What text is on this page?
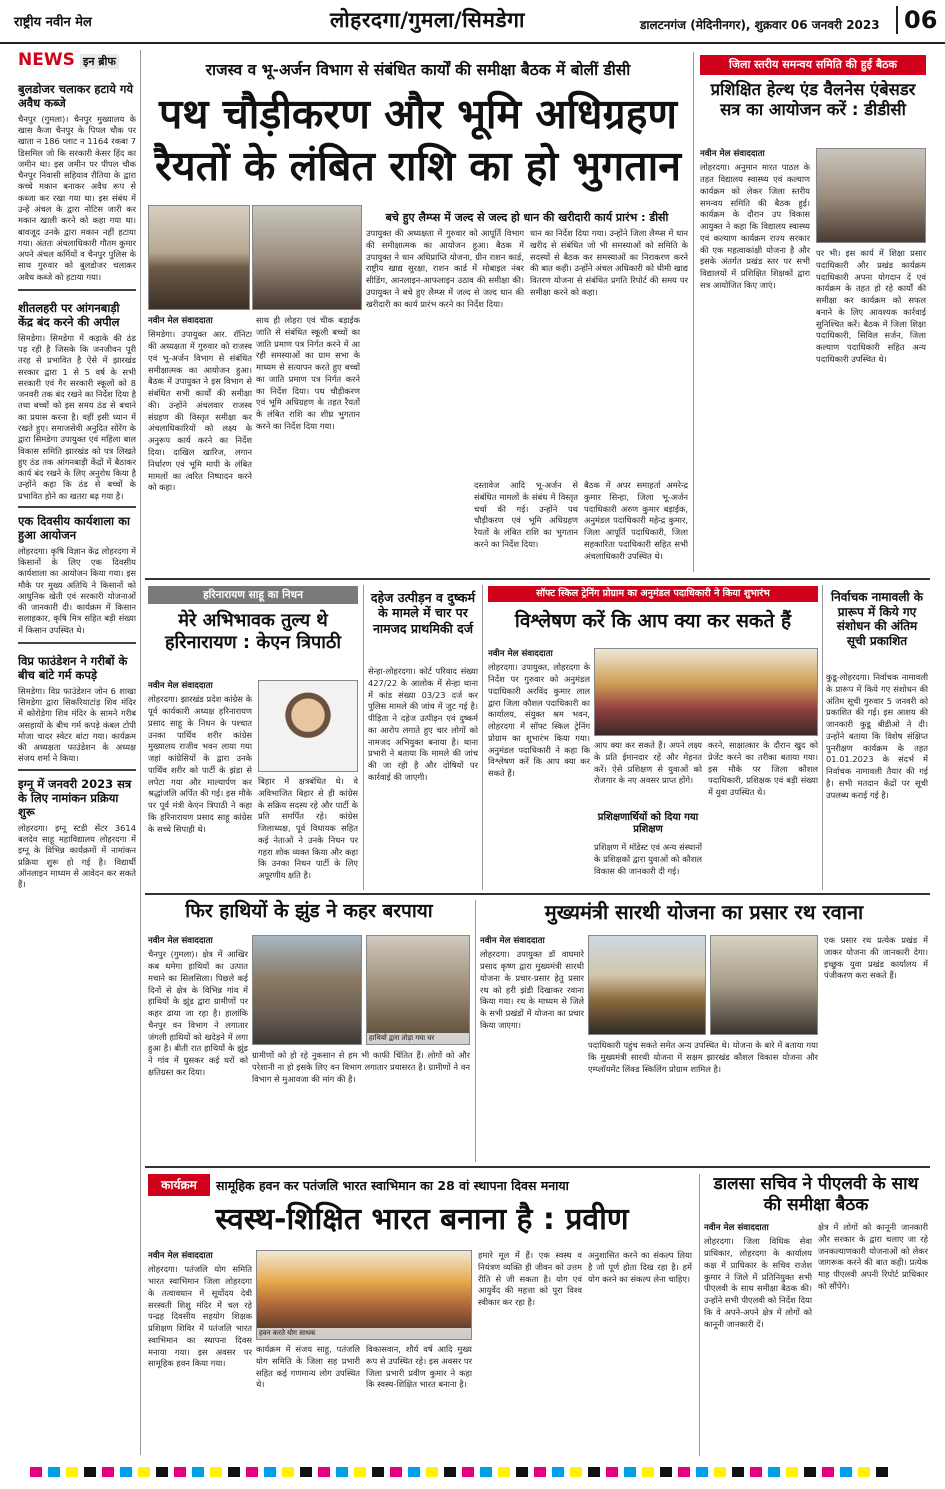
राष्ट्रीय नवीन मेल	लोहरदगा/गुमला/सिमडेगा	डालटनगंज (मेदिनीनगर), शुक्रवार 06 जनवरी 2023	06
NEWS इन ब्रीफ
बुलडोजर चलाकर हटाये गये अवैध कब्जे
चैनपुर (गुमला)। चैनपुर मुख्यालय के खास कैजा चैनपुर के पिपल चौक पर खाता न 186 प्लाट न 1164 रकबा 7 डिसमिल जो कि सरकारी केसर हिंद का जमीन था। इस जमीन पर पीपल चौक चैनपुर निवासी सहियाव रौतिया के द्वारा कच्चे मकान बनाकर अवैध रूप से कब्जा कर रखा गया था। इस संबंध में उन्हें अंचल के द्वारा नोटिस जारी कर मकान खाली करने को कहा गया था। बावजूद उनके द्वारा मकान नहीं हटाया गया। अंततः अंचलाधिकारी गौतम कुमार अपने अंचल कर्मियों व चैनपुर पुलिस के साथ गुरुवार को बुलडोजर चलाकर अवैध कब्जे को हटाया गया।
शीतलहरी पर आंगनबाड़ी केंद्र बंद करने की अपील
सिमडेगा। सिमडेगा में कड़ाके की ठंड पड़ रही है जिसके कि जनजीवन पूरी तरह से प्रभावित है ऐसे में झारखंड सरकार द्वारा 1 से 5 वर्ष के सभी सरकारी एवं गैर सरकारी स्कूलों को 8 जनवरी तक बंद रखने का निर्देश दिया है तथा बच्चों को इस समय ठंड से बचाने का प्रयास करना है। वहीं इसी ध्यान में रखते हुए। समाजसेवी अनुदित सोरेंग के द्वारा सिमडेगा उपायुक्त एवं महिला बाल विकास समिति झारखंड को पत्र लिखते हुए ठंड तक आंगनबाड़ी केंद्रों में बैठाकर कार्य बंद रखने के लिए अनुरोध किया है उन्होंने कहा कि ठंड से बच्चों के प्रभावित होने का खतरा बढ़ गया है।
एक दिवसीय कार्यशाला का हुआ आयोजन
लोहरदगा। कृषि विज्ञान केंद्र लोहरदगा में किसानों के लिए एक दिवसीय कार्यशाला का आयोजन किया गया। इस मौके पर मुख्य अतिथि ने किसानों को आधुनिक खेती एवं सरकारी योजनाओं की जानकारी दी। कार्यक्रम में किसान सलाहकार, कृषि मित्र सहित बड़ी संख्या में किसान उपस्थित थे।
विप्र फाउंडेशन ने गरीबों के बीच बांटे गर्म कपड़े
सिमडेगा। विप्र फाउंडेशन जोन 6 शाखा सिमडेगा द्वारा सिकरियाटांड़ शिव मंदिर में कोरोडेगा शिव मंदिर के सामने गरीब असहायों के बीच गर्म कपड़े कंबल टोपी मोजा चादर स्वेटर बांटा गया। कार्यक्रम की अध्यक्षता फाउंडेशन के अध्यक्ष संजय शर्मा ने किया।
इग्नू में जनवरी 2023 सत्र के लिए नामांकन प्रक्रिया शुरू
लोहरदगा। इग्नू स्टडी सेंटर 3614 बलदेव साहू महाविद्यालय लोहरदगा में इग्नू के विभिन्न कार्यक्रमों में नामांकन प्रक्रिया शुरू हो गई है। विद्यार्थी ऑनलाइन माध्यम से आवेदन कर सकते हैं।
राजस्व व भू-अर्जन विभाग से संबंधित कार्यों की समीक्षा बैठक में बोलीं डीसी
पथ चौड़ीकरण और भूमि अधिग्रहण
रैयतों के लंबित राशि का हो भुगतान
बचे हुए लैम्प्स में जल्द से जल्द हो धान की खरीदारी कार्य प्रारंभ : डीसी
नवीन मेल संवाददाता
सिमडेगा। उपायुक्त आर. रॉनिटा की अध्यक्षता में गुरुवार को राजस्व एवं भू-अर्जन विभाग से संबंधित समीक्षात्मक का आयोजन हुआ। बैठक में उपायुक्त ने इस विभाग से संबंधित सभी कार्यों की समीक्षा की। उन्होंने अंचलवार राजस्व संग्रहण की विस्तृत समीक्षा कर अंचलाधिकारियों को लक्ष्य के अनुरूप कार्य करने का निर्देश दिया। दाखिल खारिज, लगान निर्धारण एवं भूमि मापी के लंबित मामलों का त्वरित निष्पादन करने को कहा।
साथ ही लोहरा एवं चीक बड़ाईक जाति से संबंधित स्कूली बच्चों का जाति प्रमाण पत्र निर्गत करने में आ रही समस्याओं का ग्राम सभा के माध्यम से सत्यापन करते हुए बच्चों का जाति प्रमाण पत्र निर्गत करने का निर्देश दिया। पथ चौड़ीकरण एवं भूमि अधिग्रहण के तहत रैयतों के लंबित राशि का शीघ्र भुगतान करने का निर्देश दिया गया।
उपायुक्त की अध्यक्षता में गुरुवार को आपूर्ति विभाग की समीक्षात्मक का आयोजन हुआ। बैठक में उपायुक्त ने धान अधिप्राप्ति योजना, ग्रीन राशन कार्ड, राष्ट्रीय खाद्य सुरक्षा, राशन कार्ड में मोबाइल नंबर सीडिंग, आनलाइन-आफलाइन उठाव की समीक्षा की। उपायुक्त ने बचे हुए लैम्प्स में जल्द से जल्द धान की खरीदारी का कार्य प्रारंभ करने का निर्देश दिया।
धान का निर्देश दिया गया। उन्होंने जिला लैम्प्स में धान खरीद से संबंधित जो भी समस्याओं को समिति के सदस्यों से बैठक कर समस्याओं का निराकरण करने की बात कही। उन्होंने अंचल अधिकारी को धीमी खाद्य वितरण योजना से संबंधित प्रगति रिपोर्ट की समय पर समीक्षा करने को कहा।
दस्तावेज आदि भू-अर्जन से संबंधित मामलों के संबंध में विस्तृत चर्चा की गई। उन्होंने पथ चौड़ीकरण एवं भूमि अधिग्रहण रैयतों के लंबित राशि का भुगतान करने का निर्देश दिया।
बैठक में अपर समाहर्ता अमरेन्द्र कुमार सिन्हा, जिला भू-अर्जन पदाधिकारी अरुण कुमार बड़ाईक, अनुमंडल पदाधिकारी महेन्द्र कुमार, जिला आपूर्ति पदाधिकारी, जिला सहकारिता पदाधिकारी सहित सभी अंचलाधिकारी उपस्थित थे।
जिला स्तरीय समन्वय समिति की हुई बैठक
प्रशिक्षित हेल्थ एंड वैलनेस एंबेसडर सत्र का आयोजन करें : डीडीसी
नवीन मेल संवाददाता
लोहरदगा। अनुमान मारत पाठल के तहत विद्यालय स्वास्थ्य एवं कल्याण कार्यक्रम को लेकर जिला स्तरीय समन्वय समिति की बैठक हुई। कार्यक्रम के दौरान उप विकास आयुक्त ने कहा कि विद्यालय स्वास्थ्य एवं कल्याण कार्यक्रम राज्य सरकार की एक महत्वाकांक्षी योजना है और इसके अंतर्गत प्रखंड स्तर पर सभी विद्यालयों में प्रशिक्षित शिक्षकों द्वारा सत्र आयोजित किए जाएं।
पर भी। इस कार्य में शिक्षा प्रसार पदाधिकारी और प्रखंड कार्यक्रम पदाधिकारी अपना योगदान दें एवं कार्यक्रम के तहत हो रहे कार्यों की समीक्षा कर कार्यक्रम को सफल बनाने के लिए आवश्यक कार्रवाई सुनिश्चित करें। बैठक में जिला शिक्षा पदाधिकारी, सिविल सर्जन, जिला कल्याण पदाधिकारी सहित अन्य पदाधिकारी उपस्थित थे।
हरिनारायण साहू का निधन
मेरे अभिभावक तुल्य थे हरिनारायण : केएन त्रिपाठी
नवीन मेल संवाददाता
लोहरदगा। झारखंड प्रदेश कांग्रेस के पूर्व कार्यकारी अध्यक्ष हरिनारायण प्रसाद साहू के निधन के पश्चात उनका पार्थिव शरीर कांग्रेस मुख्यालय राजीव भवन लाया गया जहां कांग्रेसियों के द्वारा उनके पार्थिव शरीर को पार्टी के झंडा से लपेटा गया और माल्यार्पण कर श्रद्धांजलि अर्पित की गई। इस मौके पर पूर्व मंत्री केएन त्रिपाठी ने कहा कि हरिनारायण प्रसाद साहू कांग्रेस के सच्चे सिपाही थे।
बिहार में क्षत्रबंधित थे। वे अविभाजित बिहार से ही कांग्रेस के सक्रिय सदस्य रहे और पार्टी के प्रति समर्पित रहे। कांग्रेस जिलाध्यक्ष, पूर्व विधायक सहित कई नेताओं ने उनके निधन पर गहरा शोक व्यक्त किया और कहा कि उनका निधन पार्टी के लिए अपूरणीय क्षति है।
दहेज उत्पीड़न व दुष्कर्म के मामले में चार पर नामजद प्राथमिकी दर्ज
सेन्हा-लोहरदगा। कोर्ट परिवाद संख्या 427/22 के आलोक में सेन्हा थाना में कांड संख्या 03/23 दर्ज कर पुलिस मामले की जांच में जुट गई है। पीड़िता ने दहेज उत्पीड़न एवं दुष्कर्म का आरोप लगाते हुए चार लोगों को नामजद अभियुक्त बनाया है। थाना प्रभारी ने बताया कि मामले की जांच की जा रही है और दोषियों पर कार्रवाई की जाएगी।
सॉफ्ट स्किल ट्रेनिंग प्रोग्राम का अनुमंडल पदाधिकारी ने किया शुभारंभ
विश्लेषण करें कि आप क्या कर सकते हैं
नवीन मेल संवाददाता
लोहरदगा। उपायुक्त, लोहरदगा के निर्देश पर गुरुवार को अनुमंडल पदाधिकारी अरविंद कुमार लाल द्वारा जिला कौशल पदाधिकारी का कार्यालय, संयुक्त श्रम भवन, लोहरदगा में सॉफ्ट स्किल ट्रेनिंग प्रोग्राम का शुभारंभ किया गया। अनुमंडल पदाधिकारी ने कहा कि विश्लेषण करें कि आप क्या कर सकते हैं।
आप क्या कर सकते हैं। अपने लक्ष्य के प्रति ईमानदार रहें और मेहनत करें। ऐसे प्रशिक्षण से युवाओं को रोजगार के नए अवसर प्राप्त होंगे।
प्रशिक्षणार्थियों को दिया गया प्रशिक्षण
प्रशिक्षण में मॉडेस्ट एवं अन्य संस्थानों के प्रशिक्षकों द्वारा युवाओं को कौशल विकास की जानकारी दी गई।
करने, साक्षात्कार के दौरान खुद को प्रेजेंट करने का तरीका बताया गया। इस मौके पर जिला कौशल पदाधिकारी, प्रशिक्षक एवं बड़ी संख्या में युवा उपस्थित थे।
निर्वाचक नामावली के प्रारूप में किये गए संशोधन की अंतिम सूची प्रकाशित
कुडू-लोहरदगा। निर्वाचक नामावली के प्रारूप में किये गए संशोधन की अंतिम सूची गुरुवार 5 जनवरी को प्रकाशित की गई। इस आशय की जानकारी कुडू बीडीओ ने दी। उन्होंने बताया कि विशेष संक्षिप्त पुनरीक्षण कार्यक्रम के तहत 01.01.2023 के संदर्भ में निर्वाचक नामावली तैयार की गई है। सभी मतदान केंद्रों पर सूची उपलब्ध कराई गई है।
फिर हाथियों के झुंड ने कहर बरपाया
नवीन मेल संवाददाता
चैनपुर (गुमला)। क्षेत्र में आखिर कब थमेगा हाथियों का उत्पात मचाने का सिलसिला। पिछले कई दिनों से क्षेत्र के विभिन्न गांव में हाथियों के झुंड द्वारा ग्रामीणों पर कहर ढाया जा रहा है। हालांकि चैनपुर वन विभाग ने लगातार जंगली हाथियों को खदेड़ने में लगा हुआ है। बीती रात हाथियों के झुंड ने गांव में घुसकर कई घरों को क्षतिग्रस्त कर दिया।
हाथियों द्वारा तोड़ा गया घर
ग्रामीणों को हो रहे नुकसान से हम भी काफी चिंतित हैं। लोगों को और परेशानी ना हो इसके लिए वन विभाग लगातार प्रयासरत है। ग्रामीणों ने वन विभाग से मुआवजा की मांग की है।
मुख्यमंत्री सारथी योजना का प्रसार रथ रवाना
नवीन मेल संवाददाता
लोहरदगा। उपायुक्त डॉ वाघमारे प्रसाद कृष्ण द्वारा मुख्यमंत्री सारथी योजना के प्रचार-प्रसार हेतु प्रसार रथ को हरी झंडी दिखाकर रवाना किया गया। रथ के माध्यम से जिले के सभी प्रखंडों में योजना का प्रचार किया जाएगा।
पदाधिकारी पहुंच सकते समेत अन्य उपस्थित थे। योजना के बारे में बताया गया कि मुख्यमंत्री सारथी योजना में सक्षम झारखंड कौशल विकास योजना और एम्प्लॉयमेंट लिंक्ड स्किलिंग प्रोग्राम शामिल है।
एक प्रसार रथ प्रत्येक प्रखंड में जाकर योजना की जानकारी देगा। इच्छुक युवा प्रखंड कार्यालय में पंजीकरण करा सकते हैं।
कार्यक्रम	सामूहिक हवन कर पतंजलि भारत स्वाभिमान का 28 वां स्थापना दिवस मनाया
स्वस्थ-शिक्षित भारत बनाना है : प्रवीण
नवीन मेल संवाददाता
लोहरदगा। पतंजलि योग समिति भारत स्वाभिमान जिला लोहरदगा के तत्वावधान में सूर्योदय देवी सरस्वती शिशु मंदिर में चल रहे पन्द्रह दिवसीय सहयोग शिक्षक प्रशिक्षण शिविर में पतंजलि भारत स्वाभिमान का स्थापना दिवस मनाया गया। इस अवसर पर सामूहिक हवन किया गया।
हवन करते योग साधक
कार्यक्रम में संजय साहू, पतंजलि योग समिति के जिला सह प्रभारी सहित कई गणमान्य लोग उपस्थित थे।
विकासवान, शौर्य वर्ष आदि मुख्य रूप से उपस्थित रहे। इस अवसर पर जिला प्रभारी प्रवीण कुमार ने कहा कि स्वस्थ-शिक्षित भारत बनाना है।
हमारे मूल में हैं। एक स्वस्थ व नियंत्रण व्यक्ति ही जीवन को उत्तम रीति से जी सकता है। योग एवं आयुर्वेद की महत्ता को पूरा विश्व स्वीकार कर रहा है।
अनुशासित करने का संकल्प लिया है जो पूर्ण होता दिख रहा है। हमें योग करने का संकल्प लेना चाहिए।
डालसा सचिव ने पीएलवी के साथ की समीक्षा बैठक
नवीन मेल संवाददाता
लोहरदगा। जिला विधिक सेवा प्राधिकार, लोहरदगा के कार्यालय कक्ष में प्राधिकार के सचिव राजेश कुमार ने जिले में प्रतिनियुक्त सभी पीएलवी के साथ समीक्षा बैठक की। उन्होंने सभी पीएलवी को निर्देश दिया कि वे अपने-अपने क्षेत्र में लोगों को कानूनी जानकारी दें।
क्षेत्र में लोगों को कानूनी जानकारी और सरकार के द्वारा चलाए जा रहे जनकल्याणकारी योजनाओं को लेकर जागरूक करने की बात कही। प्रत्येक माह पीएलवी अपनी रिपोर्ट प्राधिकार को सौंपेंगे।
